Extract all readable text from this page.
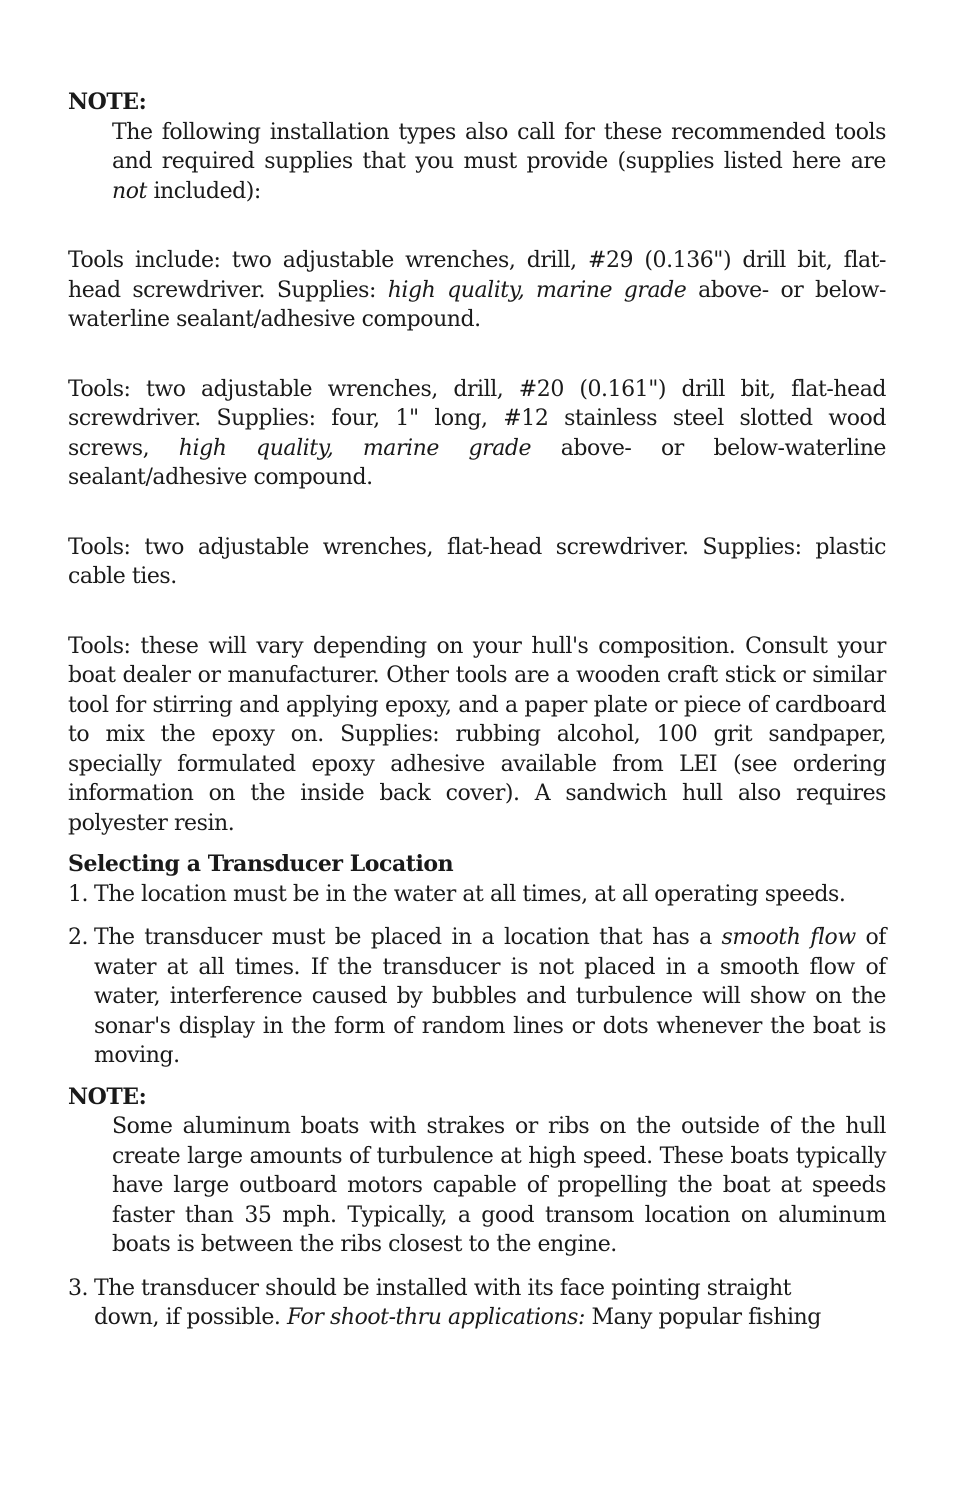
NOTE:

The following installation types also call for these recommended tools and required supplies that you must provide (supplies listed here are not included):

Tools include: two adjustable wrenches, drill, #29 (0.136") drill bit, flat-head screwdriver. Supplies: high quality, marine grade above- or below-waterline sealant/adhesive compound.

Tools: two adjustable wrenches, drill, #20 (0.161") drill bit, flat-head screwdriver. Supplies: four, 1" long, #12 stainless steel slotted wood screws, high quality, marine grade above- or below-waterline sealant/adhesive compound.

Tools: two adjustable wrenches, flat-head screwdriver. Supplies: plastic cable ties.

Tools: these will vary depending on your hull's composition. Consult your boat dealer or manufacturer. Other tools are a wooden craft stick or similar tool for stirring and applying epoxy, and a paper plate or piece of cardboard to mix the epoxy on. Supplies: rubbing alcohol, 100 grit sandpaper, specially formulated epoxy adhesive available from LEI (see ordering information on the inside back cover). A sandwich hull also requires polyester resin.

Selecting a Transducer Location

1. The location must be in the water at all times, at all operating speeds.
2. The transducer must be placed in a location that has a smooth flow of water at all times. If the transducer is not placed in a smooth flow of water, interference caused by bubbles and turbulence will show on the sonar's display in the form of random lines or dots whenever the boat is moving.

NOTE:

Some aluminum boats with strakes or ribs on the outside of the hull create large amounts of turbulence at high speed. These boats typically have large outboard motors capable of propelling the boat at speeds faster than 35 mph. Typically, a good transom location on aluminum boats is between the ribs closest to the engine.

3. The transducer should be installed with its face pointing straight
down, if possible. For shoot-thru applications: Many popular fishing
